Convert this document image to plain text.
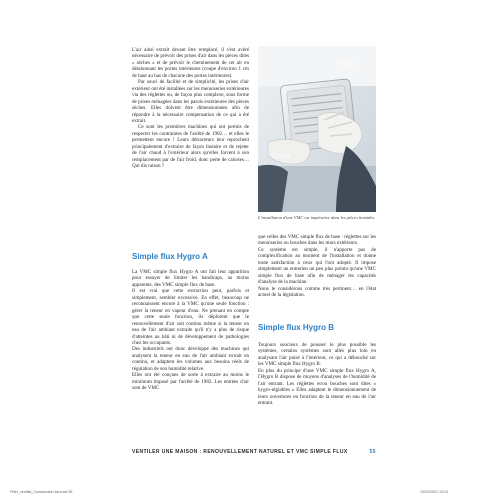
L'air ainsi extrait devant être remplacé, il s'est avéré nécessaire de prévoir des prises d'air dans les pièces dites « sèches » et de prévoir le cheminement de cet air en détalonnant les portes intérieures (coupe d'environ 1 cm de haut au bas de chacune des portes intérieures).

Par souci de facilité et de simplicité, les prises d'air extérieur ont été installées sur les menuiseries extérieures via des réglettes ou, de façon plus complexe, sous forme de prises ménagées dans les parois extérieures des pièces sèches. Elles doivent être dimensionnées afin de répondre à la nécessaire compensation de ce qui a été extrait.

Ce sont les premières machines qui ont permis de respecter les contraintes de l'arrêté de 1982… et elles le permettent encore ! Leurs détracteurs leur reprochent principalement d'extraire de façon linéaire et de rejeter de l'air chaud à l'extérieur alors qu'elles forcent à son remplacement par de l'air froid, donc perte de calories… Qui dis raison ?

Simple flux Hygro A

La VMC simple flux Hygro A ont fait leur apparition pour essayer de limiter les handicaps, au moins apparents, des VMC simple flux de base.

Il est vrai que cette extraction peut, parfois et simplement, sembler excessive. En effet, beaucoup ne reconnaissent encore à la VMC qu'une seule fonction : gérer la teneur en vapeur d'eau. Ne prenant en compte que cette seule fonction, ils déplorent que le renouvellement d'air soit continu même si la teneur en eau de l'air ambiant extraite qu'il n'y a plus de risque d'atteintes au bâti ni de développement de pathologies chez les occupants.

Des industriels ont donc développé des machines qui analysent la teneur en eau de l'air ambiant extrait en continu, et adaptent les volumes aux besoins réels de régulation de son humidité relative.

Elles ont été conçues de sorte à extraire au moins le minimum imposé par l'arrêté de 1982. Les entrées d'air sont de VMC

iStock
iStock
L'installation d'une VMC est impérative dans les pièces humides.

que celles des VMC simple flux de base : réglettes sur les menuiseries ou bouches dans les murs extérieurs.

Ce système est simple, il n'apporte pas de complexification au moment de l'installation et donne toute satisfaction à ceux qui l'ont adopté. Il impose simplement un entretien un peu plus pointu qu'une VMC simple flux de base afin de ménager les capacités d'analyse de la machine.

Nous le considérons comme très pertinent… en l'état actuel de la législation.

Simple flux Hygro B

Toujours soucieux de pousser le plus possible les systèmes, certains systèmes sont allés plus loin en analysant l'air puisé à l'intérieur, ce qui a débouché sur les VMC simple flux Hygro B.

En plus du principe d'une VMC simple flux Hygro A, l'Hygro B dispose de moyens d'analyses de l'humidité de l'air entrant. Les réglettes et/ou bouches sont dites « hygro-réglables » Elles adaptent le dimensionnement de leurs ouvertures en fonction de la teneur en eau de l'air entrant.

VENTILER UNE MAISON : RENOUVELLEMENT NATUREL ET VMC SIMPLE FLUX	55
Filter_ventilat_Construction-bio.indd 55	13/02/2021 19:13
